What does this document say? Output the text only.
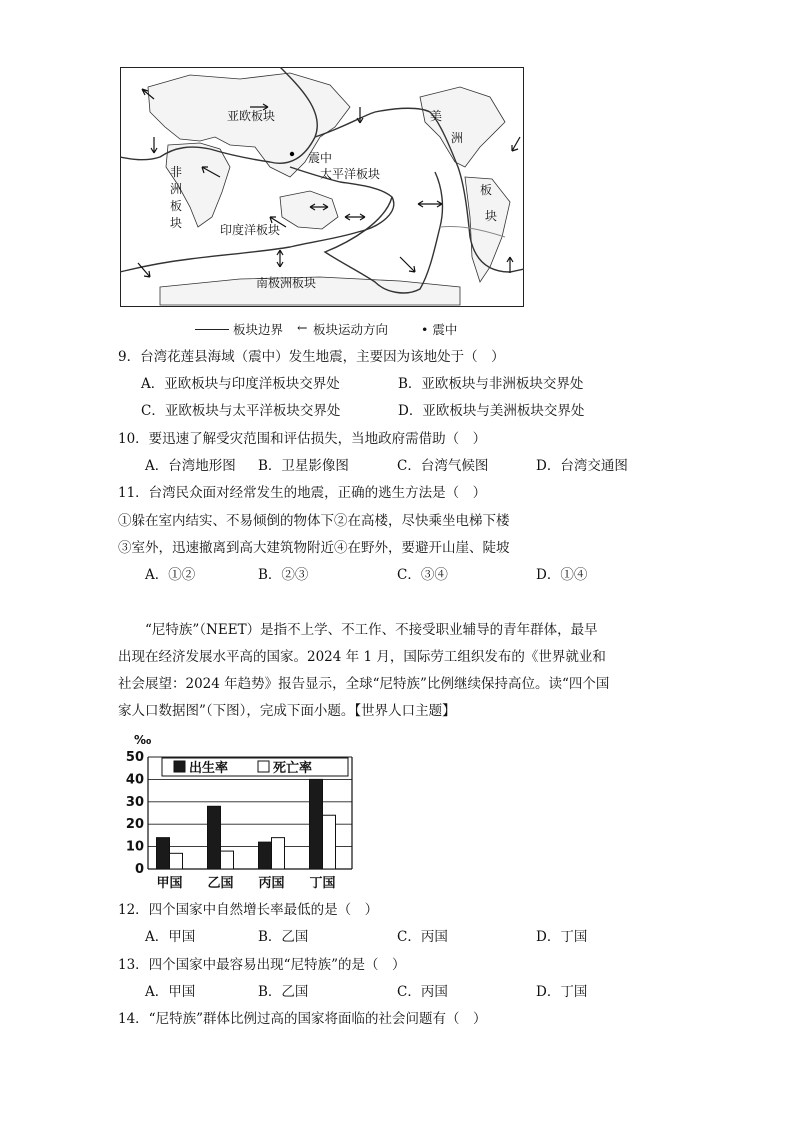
亚欧板块	美
洲
板
块
非
洲
板
块
太平洋板块
印度洋板块
南极洲板块
震中
板块边界 ← 板块运动方向	• 震中
9．台湾花莲县海域（震中）发生地震，主要因为该地处于（　）
A．亚欧板块与印度洋板块交界处	B．亚欧板块与非洲板块交界处
C．亚欧板块与太平洋板块交界处	D．亚欧板块与美洲板块交界处
10．要迅速了解受灾范围和评估损失，当地政府需借助（　）
A．台湾地形图 B．卫星影像图	C．台湾气候图	D．台湾交通图
11．台湾民众面对经常发生的地震，正确的逃生方法是（　）
①躲在室内结实、不易倾倒的物体下②在高楼，尽快乘坐电梯下楼
③室外，迅速撤离到高大建筑物附近④在野外，要避开山崖、陡坡
A．①②	B．②③	C．③④	D．①④
“尼特族”（NEET）是指不上学、不工作、不接受职业辅导的青年群体，最早
出现在经济发展水平高的国家。2024 年 1 月，国际劳工组织发布的《世界就业和
社会展望：2024 年趋势》报告显示，全球“尼特族”比例继续保持高位。读“四个国
家人口数据图”（下图），完成下面小题。【世界人口主题】
0
10
20
30
40
50
‰
出生率	死亡率
甲国 乙国 丙国 丁国
12．四个国家中自然增长率最低的是（　）
A．甲国	B．乙国	C．丙国	D．丁国
13．四个国家中最容易出现“尼特族”的是（　）
A．甲国	B．乙国	C．丙国	D．丁国
14．“尼特族”群体比例过高的国家将面临的社会问题有（　）
